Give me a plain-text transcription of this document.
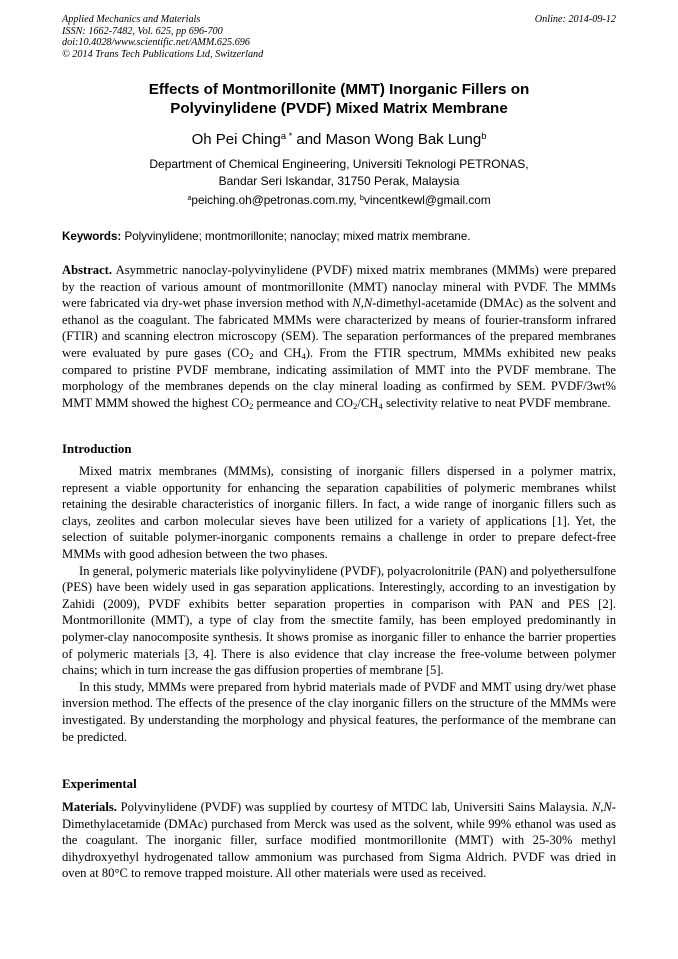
Applied Mechanics and Materials
ISSN: 1662-7482, Vol. 625, pp 696-700
doi:10.4028/www.scientific.net/AMM.625.696
© 2014 Trans Tech Publications Ltd, Switzerland
Online: 2014-09-12
Effects of Montmorillonite (MMT) Inorganic Fillers on
Polyvinylidene (PVDF) Mixed Matrix Membrane
Oh Pei Ching$^{a *}$ and Mason Wong Bak Lung$^b$
Department of Chemical Engineering, Universiti Teknologi PETRONAS,
Bandar Seri Iskandar, 31750 Perak, Malaysia
$^a$peiching.oh@petronas.com.my, $^b$vincentkewl@gmail.com
Keywords: Polyvinylidene; montmorillonite; nanoclay; mixed matrix membrane.
Abstract. Asymmetric nanoclay-polyvinylidene (PVDF) mixed matrix membranes (MMMs) were prepared by the reaction of various amount of montmorillonite (MMT) nanoclay mineral with PVDF. The MMMs were fabricated via dry-wet phase inversion method with N,N-dimethyl-acetamide (DMAc) as the solvent and ethanol as the coagulant. The fabricated MMMs were characterized by means of fourier-transform infrared (FTIR) and scanning electron microscopy (SEM). The separation performances of the prepared membranes were evaluated by pure gases ($CO_2$ and $CH_4$). From the FTIR spectrum, MMMs exhibited new peaks compared to pristine PVDF membrane, indicating assimilation of MMT into the PVDF membrane. The morphology of the membranes depends on the clay mineral loading as confirmed by SEM. PVDF/3wt% MMT MMM showed the highest $CO_2$ permeance and $CO_2/CH_4$ selectivity relative to neat PVDF membrane.
Introduction

Mixed matrix membranes (MMMs), consisting of inorganic fillers dispersed in a polymer matrix, represent a viable opportunity for enhancing the separation capabilities of polymeric membranes whilst retaining the desirable characteristics of inorganic fillers. In fact, a wide range of inorganic fillers such as clays, zeolites and carbon molecular sieves have been utilized for a variety of applications [1]. Yet, the selection of suitable polymer-inorganic components remains a challenge in order to prepare defect-free MMMs with good adhesion between the two phases.

In general, polymeric materials like polyvinylidene (PVDF), polyacrolonitrile (PAN) and polyethersulfone (PES) have been widely used in gas separation applications. Interestingly, according to an investigation by Zahidi (2009), PVDF exhibits better separation properties in comparison with PAN and PES [2]. Montmorillonite (MMT), a type of clay from the smectite family, has been employed predominantly in polymer-clay nanocomposite synthesis. It shows promise as inorganic filler to enhance the barrier properties of polymeric materials [3, 4]. There is also evidence that clay increase the free-volume between polymer chains; which in turn increase the gas diffusion properties of membrane [5].

In this study, MMMs were prepared from hybrid materials made of PVDF and MMT using dry/wet phase inversion method. The effects of the presence of the clay inorganic fillers on the structure of the MMMs were investigated. By understanding the morphology and physical features, the performance of the membrane can be predicted.

Experimental
Materials. Polyvinylidene (PVDF) was supplied by courtesy of MTDC lab, Universiti Sains Malaysia. N,N-Dimethylacetamide (DMAc) purchased from Merck was used as the solvent, while 99% ethanol was used as the coagulant. The inorganic filler, surface modified montmorillonite (MMT) with 25-30% methyl dihydroxyethyl hydrogenated tallow ammonium was purchased from Sigma Aldrich. PVDF was dried in oven at 80°C to remove trapped moisture. All other materials were used as received.
